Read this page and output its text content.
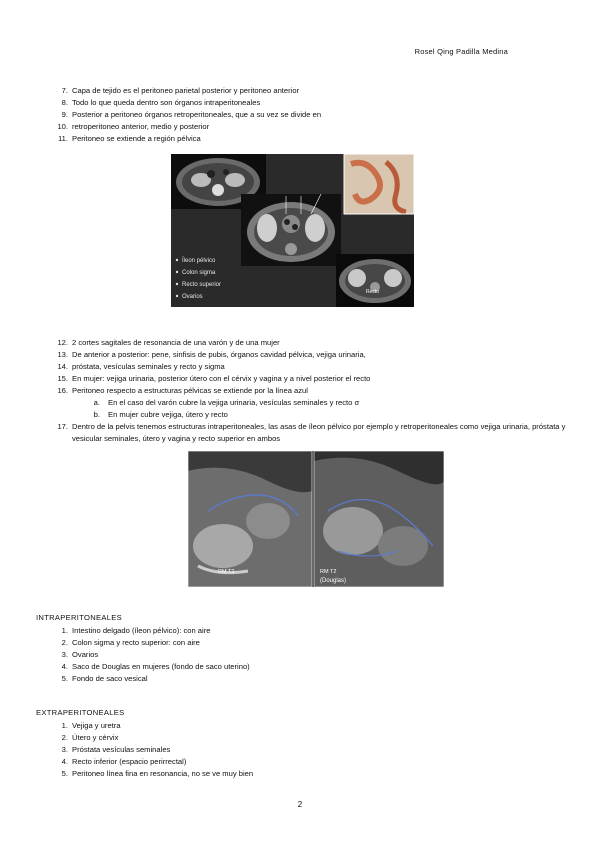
Rosel Qing Padilla Medina
7. Capa de tejido es el peritoneo parietal posterior y peritoneo anterior
8. Todo lo que queda dentro son órganos intraperitoneales
9. Posterior a peritoneo órganos retroperitoneales, que a su vez se divide en
10. retroperitoneo anterior, medio y posterior
11. Peritoneo se extiende a región pélvica
Íleon pélvico
Colon sigma
Recto superior
Ovarios
Recto
12. 2 cortes sagitales de resonancia de una varón y de una mujer
13. De anterior a posterior: pene, sinfisis de pubis, órganos cavidad pélvica, vejiga urinaria,
14. próstata, vesículas seminales y recto y sigma
15. En mujer: vejiga urinaria, posterior útero con el cérvix y vagina y a nivel posterior el recto
16. Peritoneo respecto a estructuras pélvicas se extiende por la línea azul
a. En el caso del varón cubre la vejiga urinaria, vesículas seminales y recto σ
b. En mujer cubre vejiga, útero y recto
17. Dentro de la pelvis tenemos estructuras intraperitoneales, las asas de íleon pélvico por ejemplo y retroperitoneales como vejiga urinaria, próstata y vesicular seminales, útero y vagina y recto superior en ambos
RM T2	RM T2
(Douglas)
INTRAPERITONEALES
1. Intestino delgado (íleon pélvico): con aire
2. Colon sigma y recto superior: con aire
3. Ovarios
4. Saco de Douglas en mujeres (fondo de saco uterino)
5. Fondo de saco vesical
EXTRAPERITONEALES
1. Vejiga y uretra
2. Útero y cérvix
3. Próstata vesículas seminales
4. Recto inferior (espacio perirrectal)
5. Peritoneo línea fina en resonancia, no se ve muy bien
2
